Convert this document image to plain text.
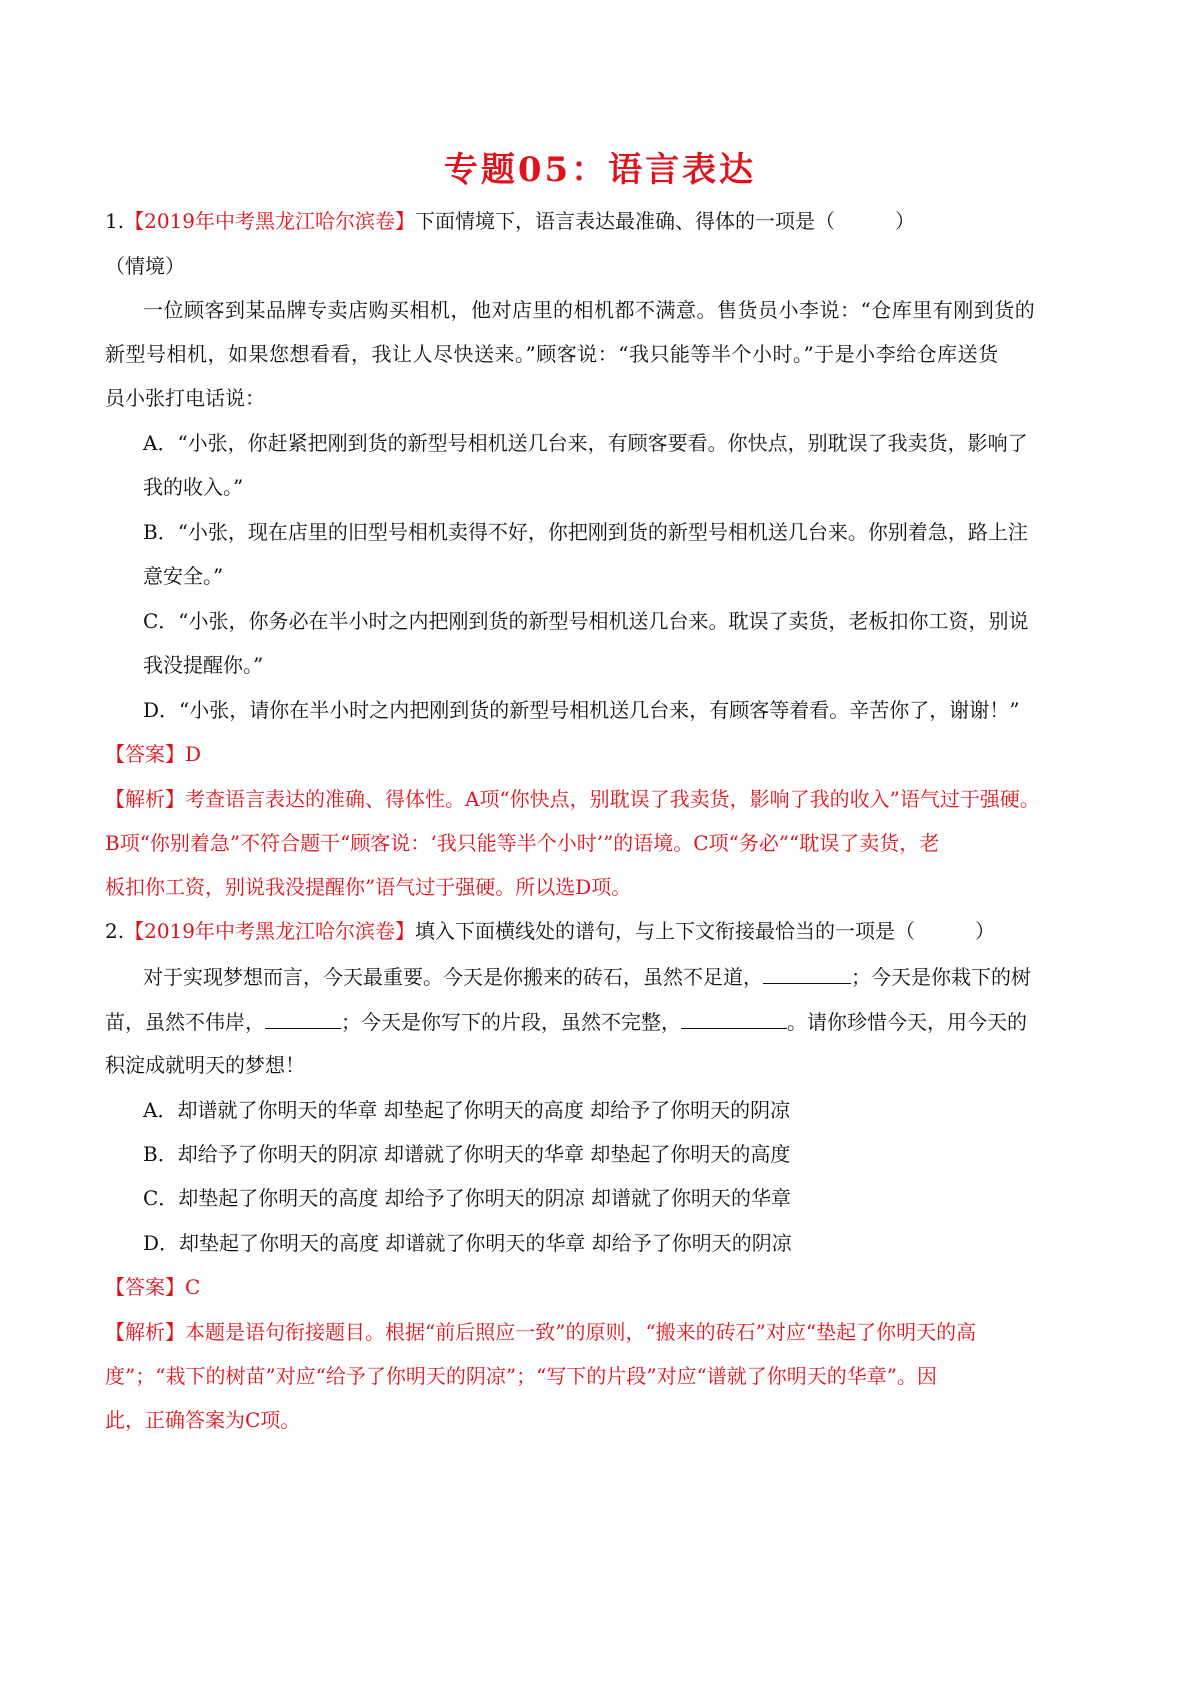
专题05：语言表达
1.【2019年中考黑龙江哈尔滨卷】下面情境下，语言表达最准确、得体的一项是（　　　）
（情境）
一位顾客到某品牌专卖店购买相机，他对店里的相机都不满意。售货员小李说：“仓库里有刚到货的
新型号相机，如果您想看看，我让人尽快送来。”顾客说：“我只能等半个小时。”于是小李给仓库送货
员小张打电话说：
A．“小张，你赶紧把刚到货的新型号相机送几台来，有顾客要看。你快点，别耽误了我卖货，影响了
我的收入。”
B．“小张，现在店里的旧型号相机卖得不好，你把刚到货的新型号相机送几台来。你别着急，路上注
意安全。”
C．“小张，你务必在半小时之内把刚到货的新型号相机送几台来。耽误了卖货，老板扣你工资，别说
我没提醒你。”
D．“小张，请你在半小时之内把刚到货的新型号相机送几台来，有顾客等着看。辛苦你了，谢谢！”
【答案】D
【解析】考查语言表达的准确、得体性。A项“你快点，别耽误了我卖货，影响了我的收入”语气过于强硬。
B项“你别着急”不符合题干“顾客说：‘我只能等半个小时’”的语境。C项“务必”“耽误了卖货，老
板扣你工资，别说我没提醒你”语气过于强硬。所以选D项。
2.【2019年中考黑龙江哈尔滨卷】填入下面横线处的谱句，与上下文衔接最恰当的一项是（　　　）
对于实现梦想而言，今天最重要。今天是你搬来的砖石，虽然不足道，	；今天是你栽下的树
苗，虽然不伟岸，	；今天是你写下的片段，虽然不完整，	。请你珍惜今天，用今天的
积淀成就明天的梦想！
A．却谱就了你明天的华章 却垫起了你明天的高度 却给予了你明天的阴凉
B．却给予了你明天的阴凉 却谱就了你明天的华章 却垫起了你明天的高度
C．却垫起了你明天的高度 却给予了你明天的阴凉 却谱就了你明天的华章
D．却垫起了你明天的高度 却谱就了你明天的华章 却给予了你明天的阴凉
【答案】C
【解析】本题是语句衔接题目。根据“前后照应一致”的原则，“搬来的砖石”对应“垫起了你明天的高
度”；“栽下的树苗”对应“给予了你明天的阴凉”；“写下的片段”对应“谱就了你明天的华章”。因
此，正确答案为C项。
